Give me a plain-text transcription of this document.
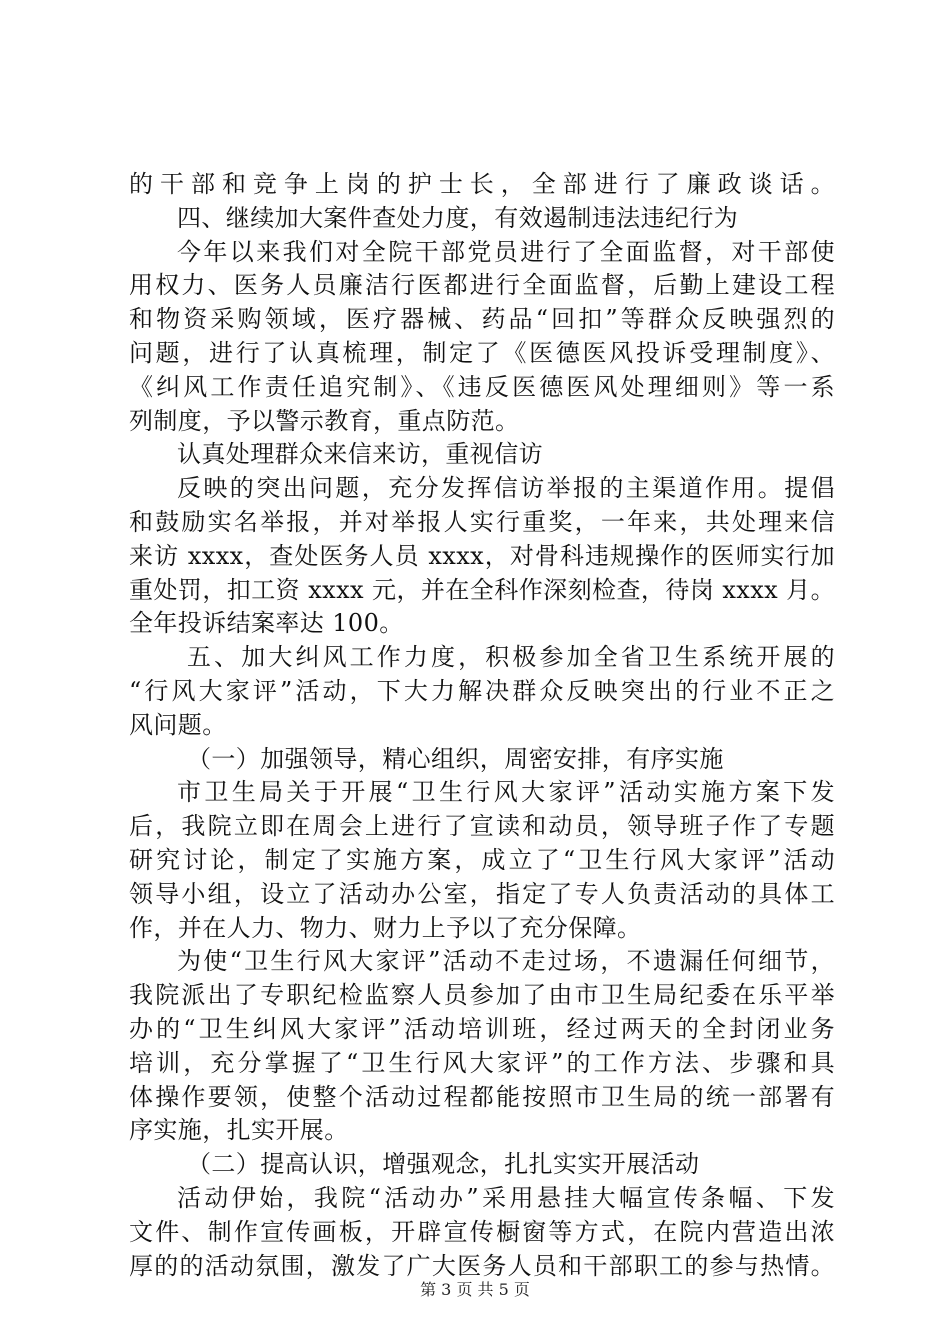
的干部和竞争上岗的护士长，全部进行了廉政谈话。
四、继续加大案件查处力度，有效遏制违法违纪行为
今年以来我们对全院干部党员进行了全面监督，对干部使
用权力、医务人员廉洁行医都进行全面监督，后勤上建设工程
和物资采购领域，医疗器械、药品“回扣”等群众反映强烈的
问题，进行了认真梳理，制定了《医德医风投诉受理制度》、
《纠风工作责任追究制》、《违反医德医风处理细则》等一系
列制度，予以警示教育，重点防范。
认真处理群众来信来访，重视信访
反映的突出问题，充分发挥信访举报的主渠道作用。提倡
和鼓励实名举报，并对举报人实行重奖，一年来，共处理来信
来访 xxxx，查处医务人员 xxxx，对骨科违规操作的医师实行加
重处罚，扣工资 xxxx 元，并在全科作深刻检查，待岗 xxxx 月。
全年投诉结案率达 100。
五、加大纠风工作力度，积极参加全省卫生系统开展的
“行风大家评”活动，下大力解决群众反映突出的行业不正之
风问题。
（一）加强领导，精心组织，周密安排，有序实施
市卫生局关于开展“卫生行风大家评”活动实施方案下发
后，我院立即在周会上进行了宣读和动员，领导班子作了专题
研究讨论，制定了实施方案，成立了“卫生行风大家评”活动
领导小组，设立了活动办公室，指定了专人负责活动的具体工
作，并在人力、物力、财力上予以了充分保障。
为使“卫生行风大家评”活动不走过场，不遗漏任何细节，
我院派出了专职纪检监察人员参加了由市卫生局纪委在乐平举
办的“卫生纠风大家评”活动培训班，经过两天的全封闭业务
培训，充分掌握了“卫生行风大家评”的工作方法、步骤和具
体操作要领，使整个活动过程都能按照市卫生局的统一部署有
序实施，扎实开展。
（二）提高认识，增强观念，扎扎实实开展活动
活动伊始，我院“活动办”采用悬挂大幅宣传条幅、下发
文件、制作宣传画板，开辟宣传橱窗等方式，在院内营造出浓
厚的的活动氛围，激发了广大医务人员和干部职工的参与热情。
第 3 页 共 5 页
